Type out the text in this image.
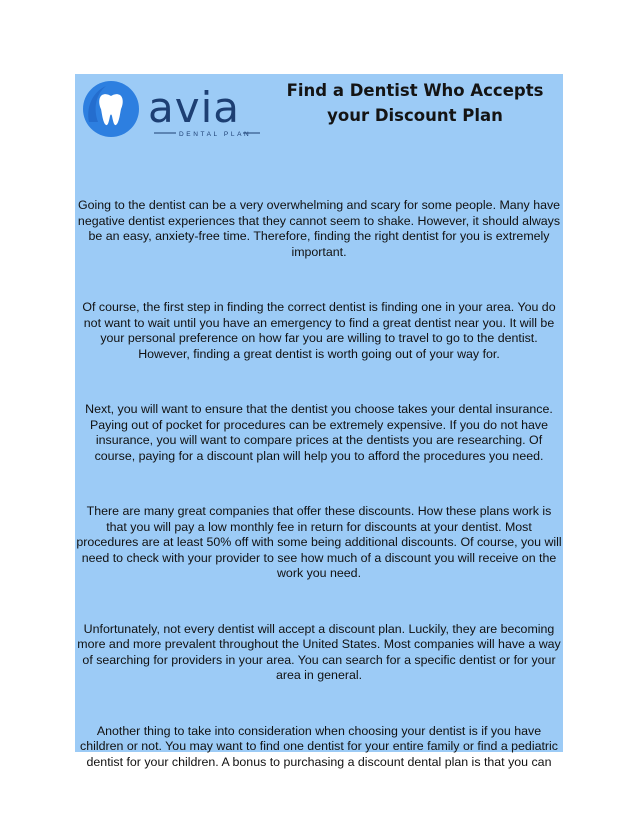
avia
DENTAL PLAN
Find a Dentist Who Accepts your Discount Plan

Going to the dentist can be a very overwhelming and scary for some people. Many have negative dentist experiences that they cannot seem to shake. However, it should always be an easy, anxiety-free time. Therefore, finding the right dentist for you is extremely important.

Of course, the first step in finding the correct dentist is finding one in your area. You do not want to wait until you have an emergency to find a great dentist near you. It will be your personal preference on how far you are willing to travel to go to the dentist. However, finding a great dentist is worth going out of your way for.

Next, you will want to ensure that the dentist you choose takes your dental insurance. Paying out of pocket for procedures can be extremely expensive. If you do not have insurance, you will want to compare prices at the dentists you are researching. Of course, paying for a discount plan will help you to afford the procedures you need.

There are many great companies that offer these discounts. How these plans work is that you will pay a low monthly fee in return for discounts at your dentist. Most procedures are at least 50% off with some being additional discounts. Of course, you will need to check with your provider to see how much of a discount you will receive on the work you need.

Unfortunately, not every dentist will accept a discount plan. Luckily, they are becoming more and more prevalent throughout the United States. Most companies will have a way of searching for providers in your area. You can search for a specific dentist or for your area in general.

Another thing to take into consideration when choosing your dentist is if you have children or not. You may want to find one dentist for your entire family or find a pediatric dentist for your children. A bonus to purchasing a discount dental plan is that you can
